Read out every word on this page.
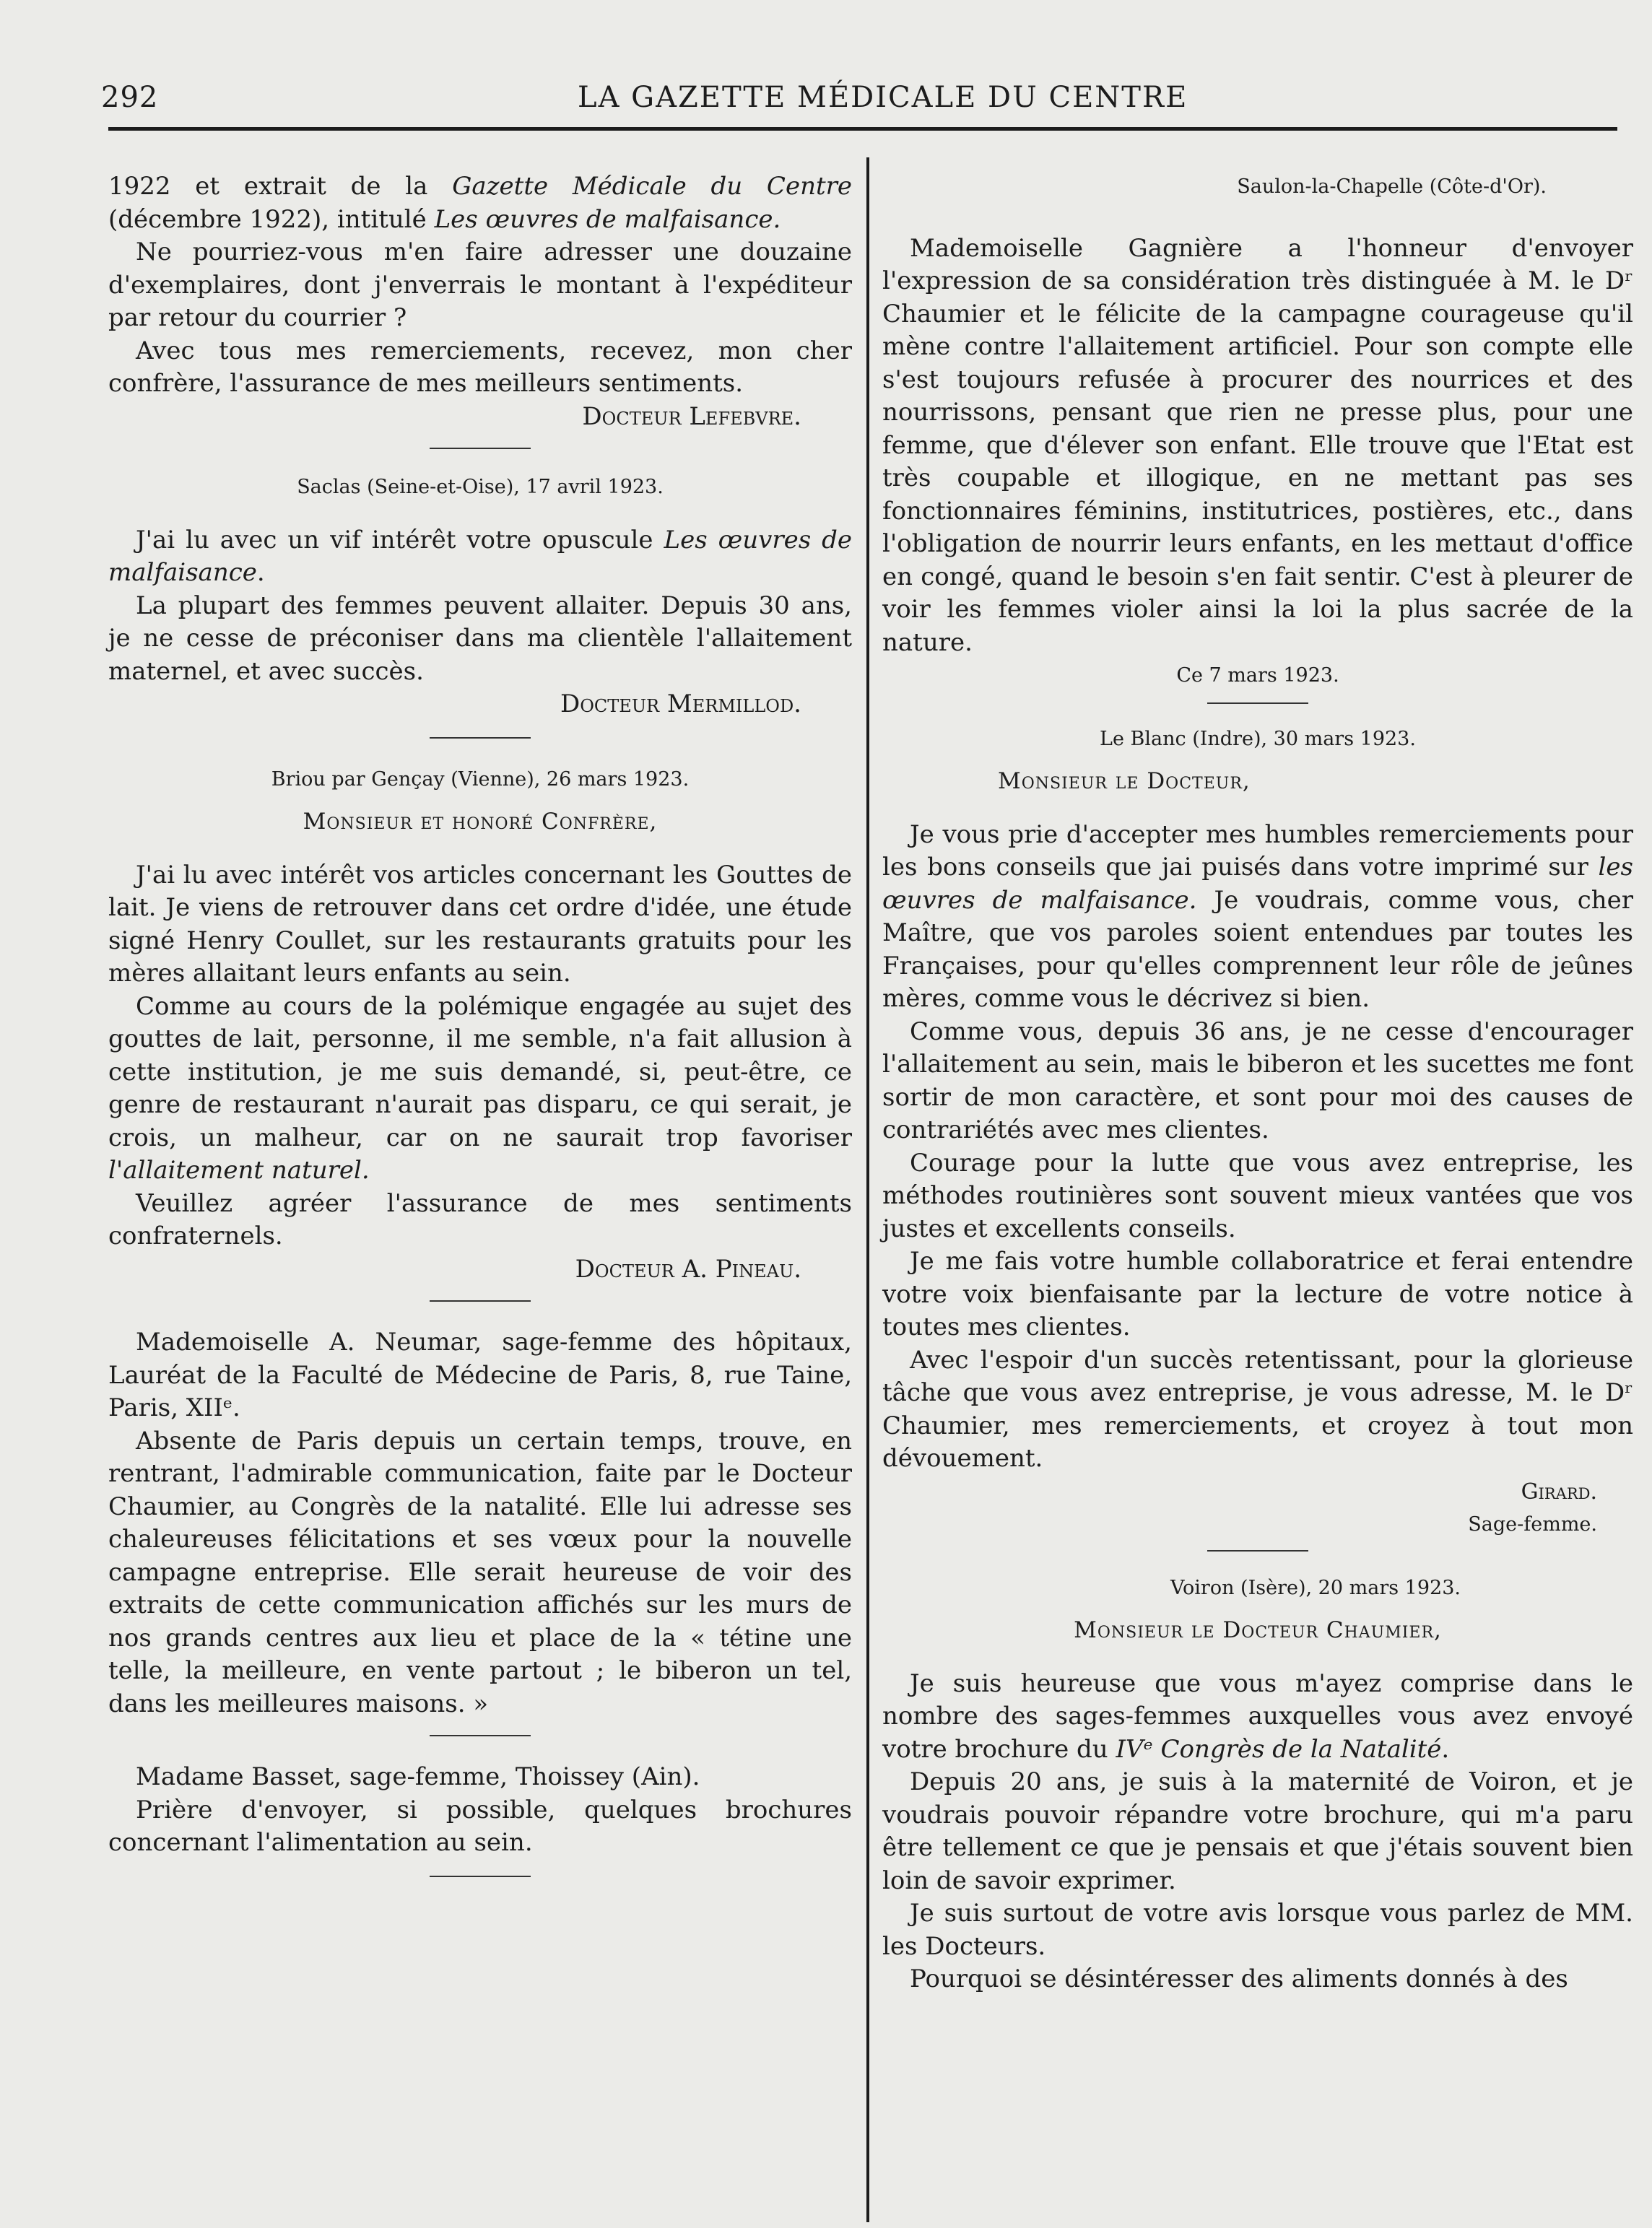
292	LA GAZETTE MÉDICALE DU CENTRE

1922 et extrait de la Gazette Médicale du Centre (décembre 1922), intitulé Les œuvres de malfaisance.

Ne pourriez-vous m'en faire adresser une douzaine d'exemplaires, dont j'enverrais le montant à l'expéditeur par retour du courrier ?

Avec tous mes remerciements, recevez, mon cher confrère, l'assurance de mes meilleurs sentiments.

Docteur Lefebvre.

Saclas (Seine-et-Oise), 17 avril 1923.

J'ai lu avec un vif intérêt votre opuscule Les œuvres de malfaisance.

La plupart des femmes peuvent allaiter. Depuis 30 ans, je ne cesse de préconiser dans ma clientèle l'allaitement maternel, et avec succès.

Docteur Mermillod.

Briou par Gençay (Vienne), 26 mars 1923.

Monsieur et honoré Confrère,

J'ai lu avec intérêt vos articles concernant les Gouttes de lait. Je viens de retrouver dans cet ordre d'idée, une étude signé Henry Coullet, sur les restaurants gratuits pour les mères allaitant leurs enfants au sein.

Comme au cours de la polémique engagée au sujet des gouttes de lait, personne, il me semble, n'a fait allusion à cette institution, je me suis demandé, si, peut-être, ce genre de restaurant n'aurait pas disparu, ce qui serait, je crois, un malheur, car on ne saurait trop favoriser l'allaitement naturel.

Veuillez agréer l'assurance de mes sentiments confraternels.

Docteur A. Pineau.

Mademoiselle A. Neumar, sage-femme des hôpitaux, Lauréat de la Faculté de Médecine de Paris, 8, rue Taine, Paris, XIIᵉ.

Absente de Paris depuis un certain temps, trouve, en rentrant, l'admirable communication, faite par le Docteur Chaumier, au Congrès de la natalité. Elle lui adresse ses chaleureuses félicitations et ses vœux pour la nouvelle campagne entreprise. Elle serait heureuse de voir des extraits de cette communication affichés sur les murs de nos grands centres aux lieu et place de la « tétine une telle, la meilleure, en vente partout ; le biberon un tel, dans les meilleures maisons. »

Madame Basset, sage-femme, Thoissey (Ain).

Prière d'envoyer, si possible, quelques brochures concernant l'alimentation au sein.

Saulon-la-Chapelle (Côte-d'Or).

Mademoiselle Gagnière a l'honneur d'envoyer l'expression de sa considération très distinguée à M. le Dʳ Chaumier et le félicite de la campagne courageuse qu'il mène contre l'allaitement artificiel. Pour son compte elle s'est toujours refusée à procurer des nourrices et des nourrissons, pensant que rien ne presse plus, pour une femme, que d'élever son enfant. Elle trouve que l'Etat est très coupable et illogique, en ne mettant pas ses fonctionnaires féminins, institutrices, postières, etc., dans l'obligation de nourrir leurs enfants, en les mettaut d'office en congé, quand le besoin s'en fait sentir. C'est à pleurer de voir les femmes violer ainsi la loi la plus sacrée de la nature.

Ce 7 mars 1923.

Le Blanc (Indre), 30 mars 1923.

Monsieur le Docteur,

Je vous prie d'accepter mes humbles remerciements pour les bons conseils que jai puisés dans votre imprimé sur les œuvres de malfaisance. Je voudrais, comme vous, cher Maître, que vos paroles soient entendues par toutes les Françaises, pour qu'elles comprennent leur rôle de jeûnes mères, comme vous le décrivez si bien.

Comme vous, depuis 36 ans, je ne cesse d'encourager l'allaitement au sein, mais le biberon et les sucettes me font sortir de mon caractère, et sont pour moi des causes de contrariétés avec mes clientes.

Courage pour la lutte que vous avez entreprise, les méthodes routinières sont souvent mieux vantées que vos justes et excellents conseils.

Je me fais votre humble collaboratrice et ferai entendre votre voix bienfaisante par la lecture de votre notice à toutes mes clientes.

Avec l'espoir d'un succès retentissant, pour la glorieuse tâche que vous avez entreprise, je vous adresse, M. le Dʳ Chaumier, mes remerciements, et croyez à tout mon dévouement.

Girard.

Sage-femme.

Voiron (Isère), 20 mars 1923.

Monsieur le Docteur Chaumier,

Je suis heureuse que vous m'ayez comprise dans le nombre des sages-femmes auxquelles vous avez envoyé votre brochure du IVᵉ Congrès de la Natalité.

Depuis 20 ans, je suis à la maternité de Voiron, et je voudrais pouvoir répandre votre brochure, qui m'a paru être tellement ce que je pensais et que j'étais souvent bien loin de savoir exprimer.

Je suis surtout de votre avis lorsque vous parlez de MM. les Docteurs.

Pourquoi se désintéresser des aliments donnés à des
